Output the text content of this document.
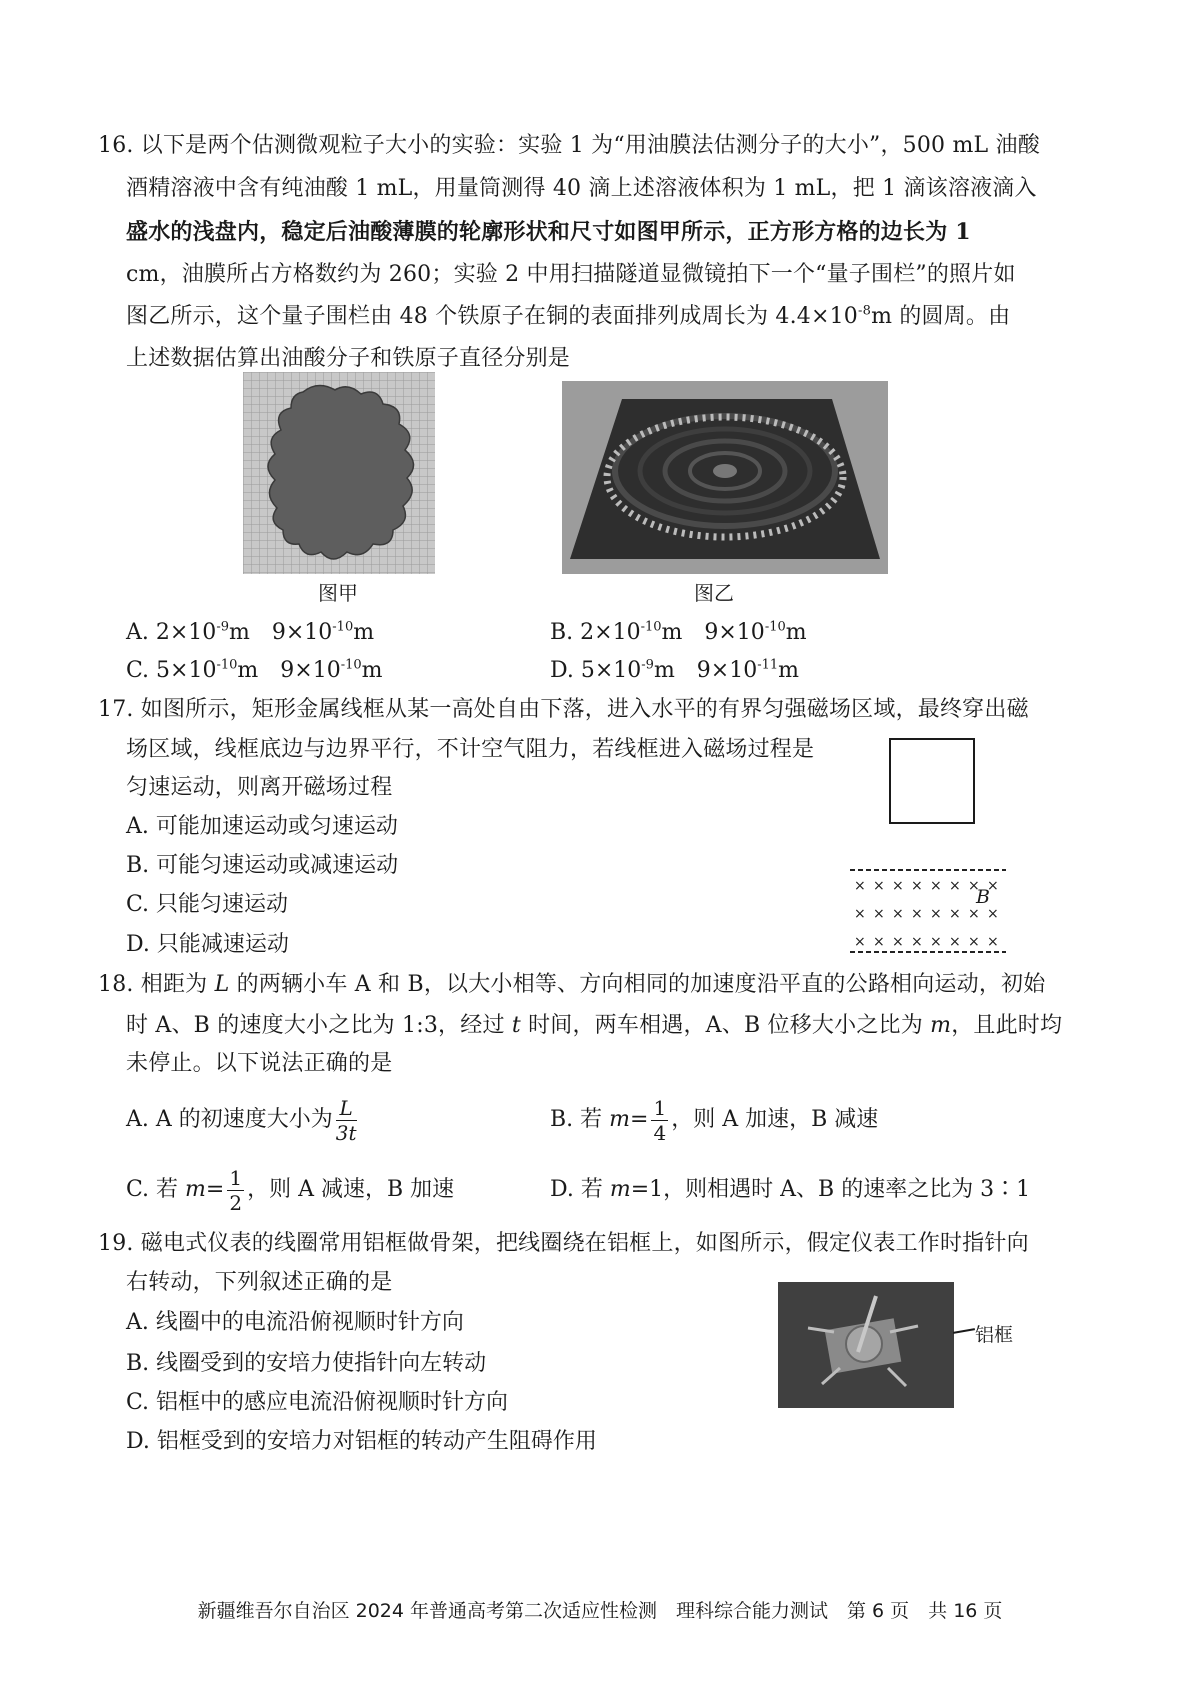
16. 以下是两个估测微观粒子大小的实验：实验 1 为“用油膜法估测分子的大小”，500 mL 油酸
酒精溶液中含有纯油酸 1 mL，用量筒测得 40 滴上述溶液体积为 1 mL，把 1 滴该溶液滴入
盛水的浅盘内，稳定后油酸薄膜的轮廓形状和尺寸如图甲所示，正方形方格的边长为 1
cm，油膜所占方格数约为 260；实验 2 中用扫描隧道显微镜拍下一个“量子围栏”的照片如
图乙所示，这个量子围栏由 48 个铁原子在铜的表面排列成周长为 $4.4\times 10^{-8}m$ 的圆周。由
上述数据估算出油酸分子和铁原子直径分别是
图甲	图乙
A. $2\times 10^{-9}m$　$9\times 10^{-10}m$	B. $2\times 10^{-10}m$　$9\times 10^{-10}m$
C. $5\times 10^{-10}m$　$9\times 10^{-10}m$	D. $5\times 10^{-9}m$　$9\times 10^{-11}m$
17. 如图所示，矩形金属线框从某一高处自由下落，进入水平的有界匀强磁场区域，最终穿出磁
场区域，线框底边与边界平行，不计空气阻力，若线框进入磁场过程是
匀速运动，则离开磁场过程
A. 可能加速运动或匀速运动
B. 可能匀速运动或减速运动
C. 只能匀速运动
D. 只能减速运动
× × × × × × × ×
× × × × × × × ×
× × × × × × × ×
B
18. 相距为 L 的两辆小车 A 和 B，以大小相等、方向相同的加速度沿平直的公路相向运动，初始
时 A、B 的速度大小之比为 1:3，经过 t 时间，两车相遇，A、B 位移大小之比为 m，且此时均
未停止。以下说法正确的是
A. A 的初速度大小为 $\frac{L}{3t}$	B. 若 $m= \frac{1}{4}$ ，则 A 加速，B 减速
C. 若 $m= \frac{1}{2}$ ，则 A 减速，B 加速	D. 若 m=1，则相遇时 A、B 的速率之比为 3∶1
19. 磁电式仪表的线圈常用铝框做骨架，把线圈绕在铝框上，如图所示，假定仪表工作时指针向
右转动，下列叙述正确的是
A. 线圈中的电流沿俯视顺时针方向
B. 线圈受到的安培力使指针向左转动
C. 铝框中的感应电流沿俯视顺时针方向
D. 铝框受到的安培力对铝框的转动产生阻碍作用
铝框
新疆维吾尔自治区 2024 年普通高考第二次适应性检测　理科综合能力测试　第 6 页　共 16 页
